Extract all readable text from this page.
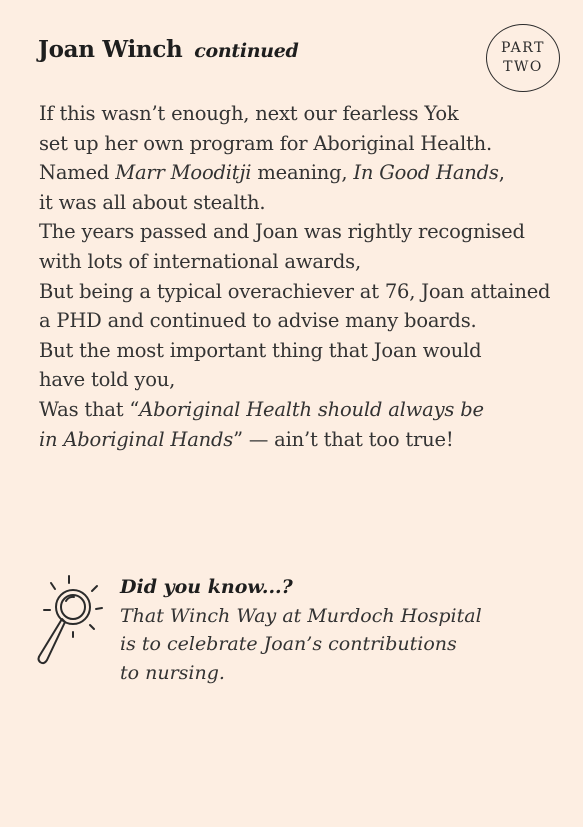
Joan Winch continued	PART
TWO
If this wasn’t enough, next our fearless Yok
set up her own program for Aboriginal Health.
Named Marr Mooditji meaning, In Good Hands,
it was all about stealth.
The years passed and Joan was rightly recognised
with lots of international awards,
But being a typical overachiever at 76, Joan attained
a PHD and continued to advise many boards.
But the most important thing that Joan would
have told you,
Was that “Aboriginal Health should always be
in Aboriginal Hands” — ain’t that too true!
Did you know...?
That Winch Way at Murdoch Hospital
is to celebrate Joan’s contributions
to nursing.
